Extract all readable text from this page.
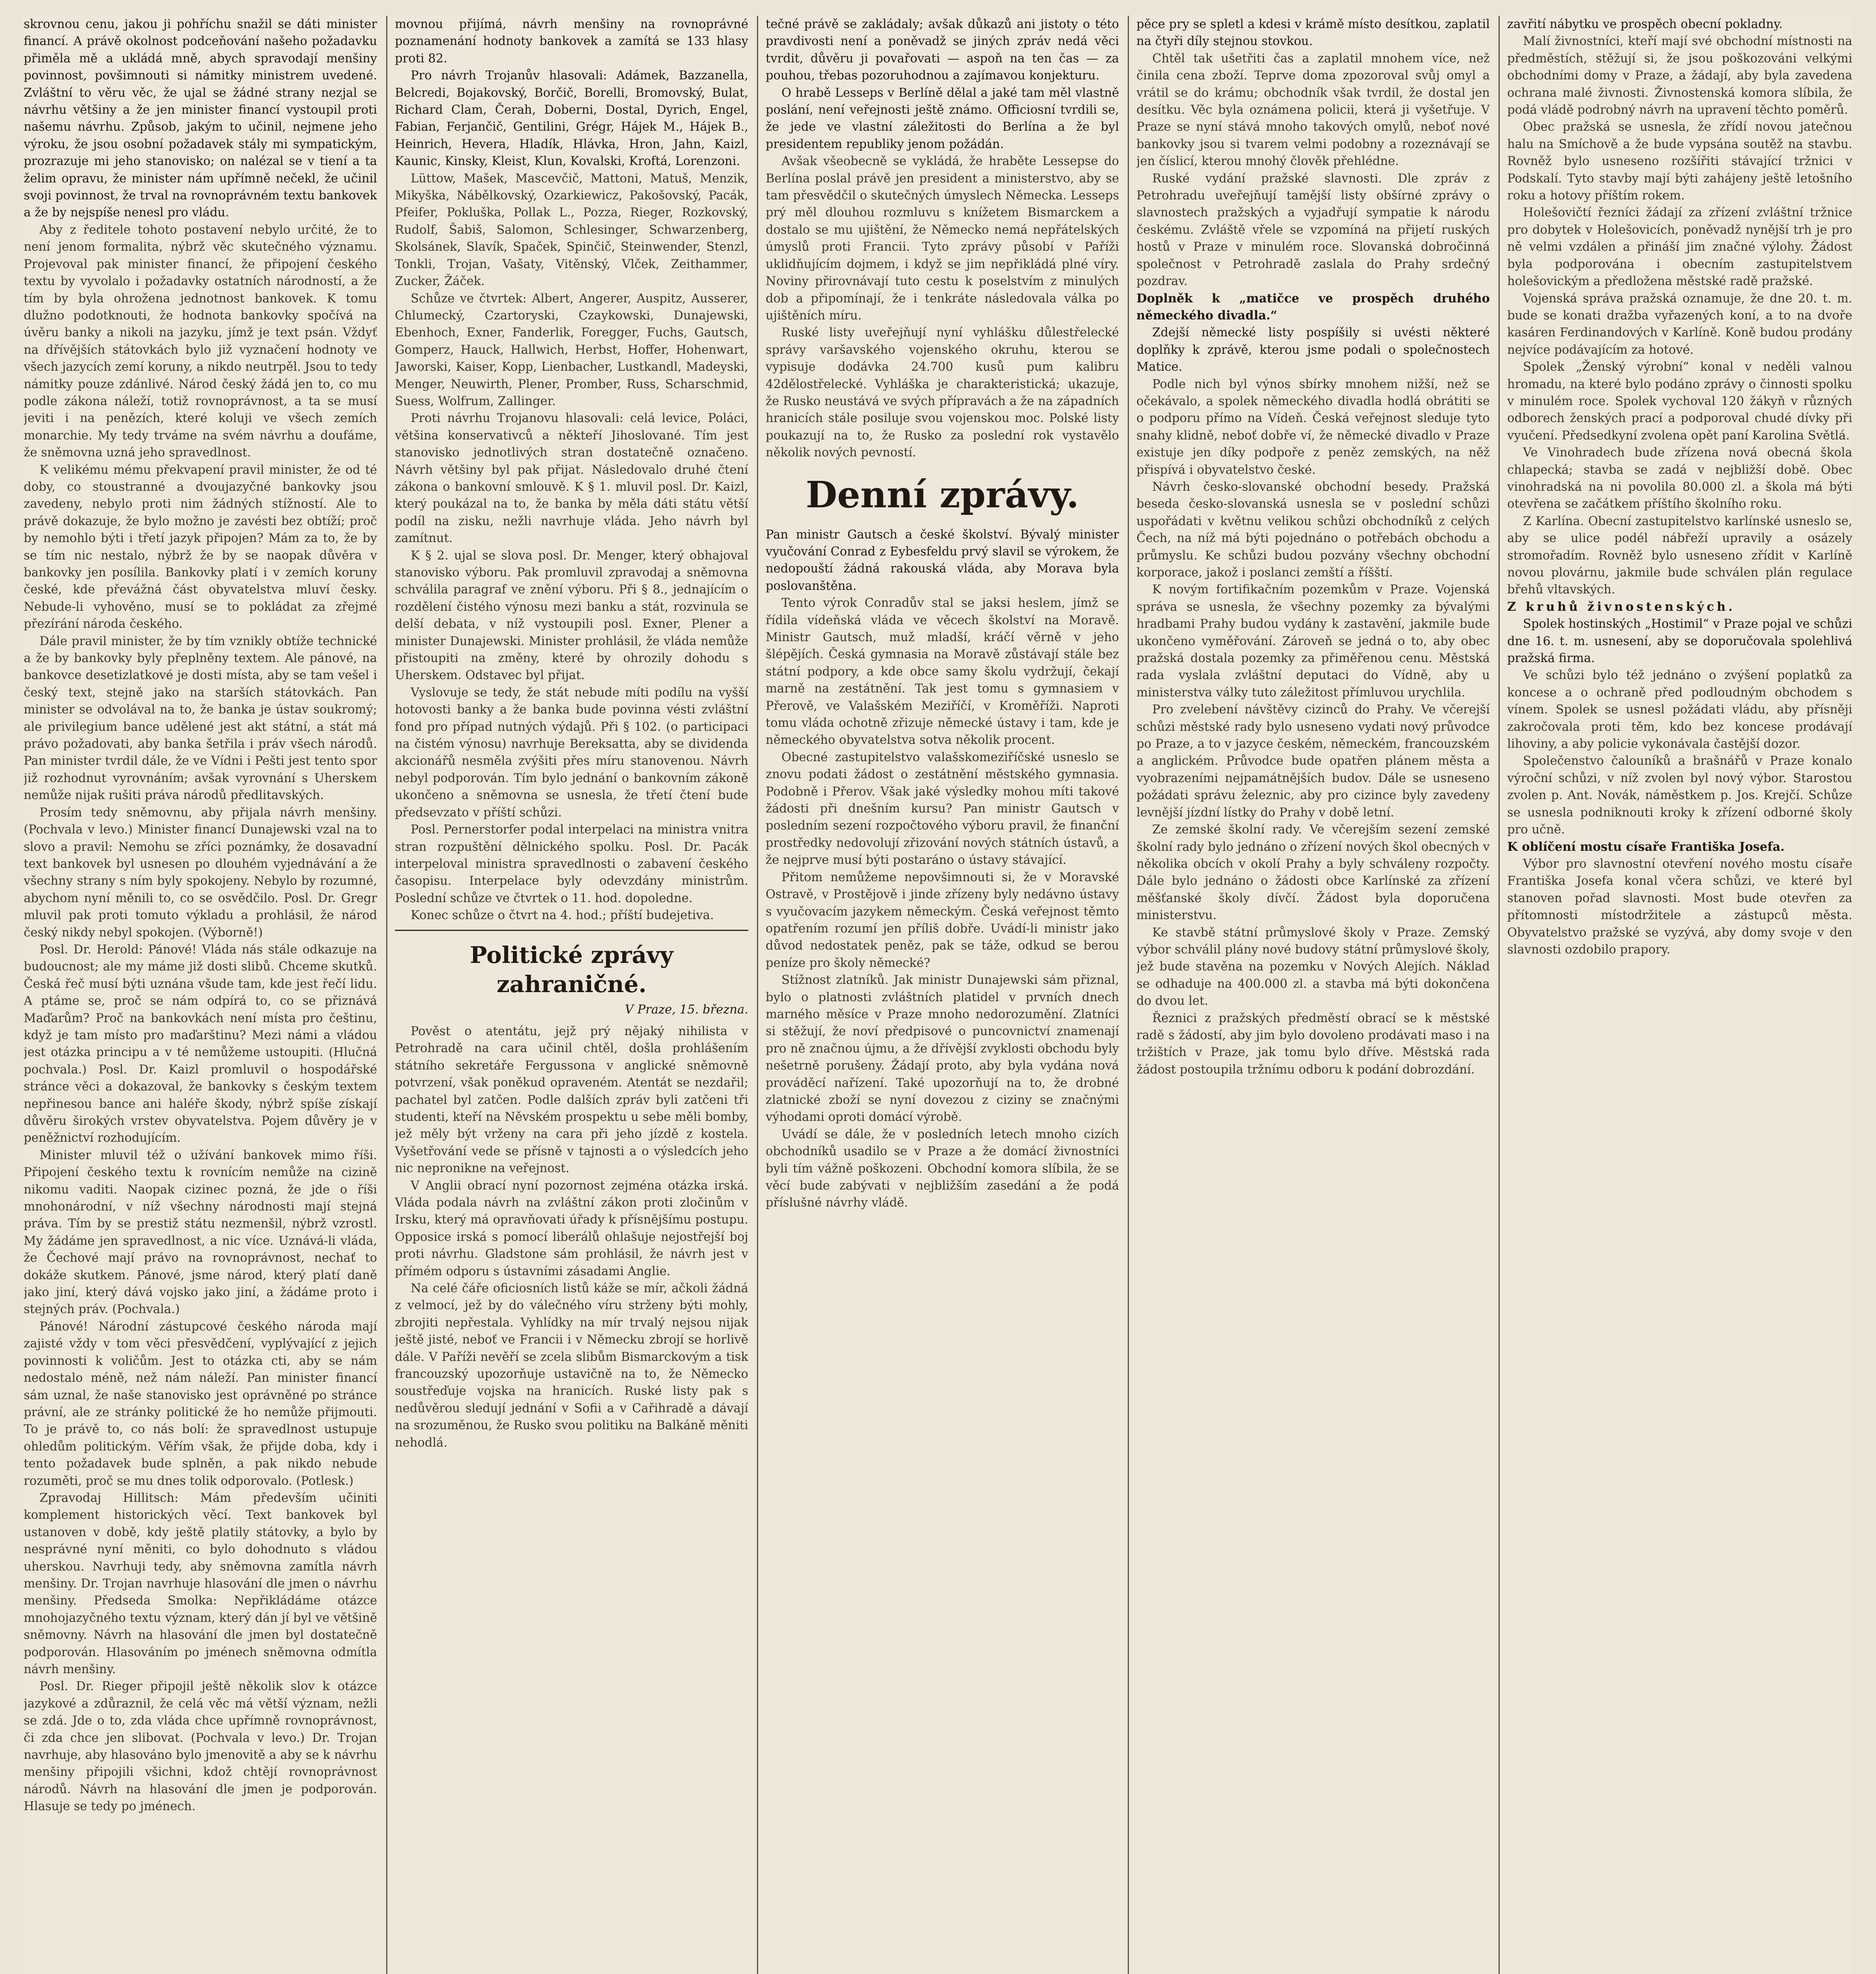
skrovnou cenu, jakou ji pohříchu snažil se dáti minister financí. A právě okolnost podceňování našeho požadavku přiměla mě a ukládá mně, abych spravodají menšiny povinnost, povšimnouti si námitky ministrem uvedené. Zvláštní to věru věc, že ujal se žádné strany nezjal se návrhu většiny a že jen minister financí vystoupil proti našemu návrhu. Způsob, jakým to učinil, nejmene jeho výroku, že jsou osobní požadavek stály mi sympatickým, prozrazuje mi jeho stanovisko; on nalézal se v tiení a ta želim opravu, že minister nám upřímně nečekl, že učinil svoji povinnost, že trval na rovnoprávném textu bankovek a že by nejspíše nenesl pro vládu.

Aby z ředitele tohoto postavení nebylo určité, že to není jenom formalita, nýbrž věc skutečného významu. Projevoval pak minister financí, že připojení českého textu by vyvolalo i požadavky ostatních národností, a že tím by byla ohrožena jednotnost bankovek. K tomu dlužno podotknouti, že hodnota bankovky spočívá na úvěru banky a nikoli na jazyku, jímž je text psán. Vždyť na dřívějších státovkách bylo již vyznačení hodnoty ve všech jazycích zemí koruny, a nikdo neutrpěl. Jsou to tedy námitky pouze zdánlivé. Národ český žádá jen to, co mu podle zákona náleží, totiž rovnoprávnost, a ta se musí jeviti i na penězích, které koluji ve všech zemích monarchie. My tedy trváme na svém návrhu a doufáme, že sněmovna uzná jeho spravedlnost.

K velikému mému překvapení pravil minister, že od té doby, co stoustranné a dvoujazyčné bankovky jsou zavedeny, nebylo proti nim žádných stížností. Ale to právě dokazuje, že bylo možno je zavésti bez obtíží; proč by nemohlo býti i třetí jazyk připojen? Mám za to, že by se tím nic nestalo, nýbrž že by se naopak důvěra v bankovky jen posílila. Bankovky platí i v zemích koruny české, kde převážná část obyvatelstva mluví česky. Nebude-li vyhověno, musí se to pokládat za zřejmé přezírání národa českého.

Dále pravil minister, že by tím vznikly obtíže technické a že by bankovky byly přeplněny textem. Ale pánové, na bankovce desetizlatkové je dosti místa, aby se tam vešel i český text, stejně jako na starších státovkách. Pan minister se odvolával na to, že banka je ústav soukromý; ale privilegium bance udělené jest akt státní, a stát má právo požadovati, aby banka šetřila i práv všech národů. Pan minister tvrdil dále, že ve Vídni i Pešti jest tento spor již rozhodnut vyrovnáním; avšak vyrovnání s Uherskem nemůže nijak rušiti práva národů předlitavských.

Prosím tedy sněmovnu, aby přijala návrh menšiny. (Pochvala v levo.) Minister financí Dunajewski vzal na to slovo a pravil: Nemohu se zříci poznámky, že dosavadní text bankovek byl usnesen po dlouhém vyjednávání a že všechny strany s ním byly spokojeny. Nebylo by rozumné, abychom nyní měnili to, co se osvědčilo. Posl. Dr. Gregr mluvil pak proti tomuto výkladu a prohlásil, že národ český nikdy nebyl spokojen. (Výborně!)

Posl. Dr. Herold: Pánové! Vláda nás stále odkazuje na budoucnost; ale my máme již dosti slibů. Chceme skutků. Česká řeč musí býti uznána všude tam, kde jest řečí lidu. A ptáme se, proč se nám odpírá to, co se přiznává Maďarům? Proč na bankovkách není místa pro češtinu, když je tam místo pro maďarštinu? Mezi námi a vládou jest otázka principu a v té nemůžeme ustoupiti. (Hlučná pochvala.) Posl. Dr. Kaizl promluvil o hospodářské stránce věci a dokazoval, že bankovky s českým textem nepřinesou bance ani haléře škody, nýbrž spíše získají důvěru širokých vrstev obyvatelstva. Pojem důvěry je v peněžnictví rozhodujícím.

Minister mluvil též o užívání bankovek mimo říši. Připojení českého textu k rovnícím nemůže na cizině nikomu vaditi. Naopak cizinec pozná, že jde o říši mnohonárodní, v níž všechny národnosti mají stejná práva. Tím by se prestiž státu nezmenšil, nýbrž vzrostl. My žádáme jen spravedlnost, a nic více. Uznává-li vláda, že Čechové mají právo na rovnoprávnost, nechať to dokáže skutkem. Pánové, jsme národ, který platí daně jako jiní, který dává vojsko jako jiní, a žádáme proto i stejných práv. (Pochvala.)

Pánové! Národní zástupcové českého národa mají zajisté vždy v tom věci přesvědčení, vyplývající z jejich povinnosti k voličům. Jest to otázka cti, aby se nám nedostalo méně, než nám náleží. Pan minister financí sám uznal, že naše stanovisko jest oprávněné po stránce právní, ale ze stránky politické že ho nemůže přijmouti. To je právě to, co nás bolí: že spravedlnost ustupuje ohledům politickým. Věřím však, že přijde doba, kdy i tento požadavek bude splněn, a pak nikdo nebude rozuměti, proč se mu dnes tolik odporovalo. (Potlesk.)

Zpravodaj Hillitsch: Mám především učiniti komplement historických věcí. Text bankovek byl ustanoven v době, kdy ještě platily státovky, a bylo by nesprávné nyní měniti, co bylo dohodnuto s vládou uherskou. Navrhuji tedy, aby sněmovna zamítla návrh menšiny. Dr. Trojan navrhuje hlasování dle jmen o návrhu menšiny. Předseda Smolka: Nepřikládáme otázce mnohojazyčného textu význam, který dán jí byl ve většině sněmovny. Návrh na hlasování dle jmen byl dostatečně podporován. Hlasováním po jménech sněmovna odmítla návrh menšiny.

Posl. Dr. Rieger připojil ještě několik slov k otázce jazykové a zdůraznil, že celá věc má větší význam, nežli se zdá. Jde o to, zda vláda chce upřímně rovnoprávnost, či zda chce jen slibovat. (Pochvala v levo.) Dr. Trojan navrhuje, aby hlasováno bylo jmenovitě a aby se k návrhu menšiny připojili všichni, kdož chtějí rovnoprávnost národů. Návrh na hlasování dle jmen je podporován. Hlasuje se tedy po jménech.

movnou přijímá, návrh menšiny na rovnoprávné poznamenání hodnoty bankovek a zamítá se 133 hlasy proti 82.

Pro návrh Trojanův hlasovali: Adámek, Bazzanella, Belcredi, Bojakovský, Borčič, Borelli, Bromovský, Bulat, Richard Clam, Čerah, Doberni, Dostal, Dyrich, Engel, Fabian, Ferjančič, Gentilini, Grégr, Hájek M., Hájek B., Heinrich, Hevera, Hladík, Hlávka, Hron, Jahn, Kaizl, Kaunic, Kinsky, Kleist, Klun, Kovalski, Kroftá, Lorenzoni.

Lüttow, Mašek, Mascevčič, Mattoni, Matuš, Menzik, Mikyška, Nábělkovský, Ozarkiewicz, Pakošovský, Pacák, Pfeifer, Pokluška, Pollak L., Pozza, Rieger, Rozkovský, Rudolf, Šabiš, Salomon, Schlesinger, Schwarzenberg, Skolsánek, Slavík, Spaček, Spinčič, Steinwender, Stenzl, Tonkli, Trojan, Vašaty, Vitěnský, Vlček, Zeithammer, Zucker, Žáček.

Schůze ve čtvrtek: Albert, Angerer, Auspitz, Ausserer, Chlumecký, Czartoryski, Czaykowski, Dunajewski, Ebenhoch, Exner, Fanderlik, Foregger, Fuchs, Gautsch, Gomperz, Hauck, Hallwich, Herbst, Hoffer, Hohenwart, Jaworski, Kaiser, Kopp, Lienbacher, Lustkandl, Madeyski, Menger, Neuwirth, Plener, Promber, Russ, Scharschmid, Suess, Wolfrum, Zallinger.

Proti návrhu Trojanovu hlasovali: celá levice, Poláci, většina konservativců a někteří Jihoslované. Tím jest stanovisko jednotlivých stran dostatečně označeno. Návrh většiny byl pak přijat. Následovalo druhé čtení zákona o bankovní smlouvě. K § 1. mluvil posl. Dr. Kaizl, který poukázal na to, že banka by měla dáti státu větší podíl na zisku, nežli navrhuje vláda. Jeho návrh byl zamítnut.

K § 2. ujal se slova posl. Dr. Menger, který obhajoval stanovisko výboru. Pak promluvil zpravodaj a sněmovna schválila paragraf ve znění výboru. Při § 8., jednajícím o rozdělení čistého výnosu mezi banku a stát, rozvinula se delší debata, v níž vystoupili posl. Exner, Plener a minister Dunajewski. Minister prohlásil, že vláda nemůže přistoupiti na změny, které by ohrozily dohodu s Uherskem. Odstavec byl přijat.

Vyslovuje se tedy, že stát nebude míti podílu na vyšší hotovosti banky a že banka bude povinna vésti zvláštní fond pro případ nutných výdajů. Při § 102. (o participaci na čistém výnosu) navrhuje Bereksatta, aby se dividenda akcionářů nesměla zvýšiti přes míru stanovenou. Návrh nebyl podporován. Tím bylo jednání o bankovním zákoně ukončeno a sněmovna se usnesla, že třetí čtení bude předsevzato v příští schůzi.

Posl. Pernerstorfer podal interpelaci na ministra vnitra stran rozpuštění dělnického spolku. Posl. Dr. Pacák interpeloval ministra spravedlnosti o zabavení českého časopisu. Interpelace byly odevzdány ministrům. Poslední schůze ve čtvrtek o 11. hod. dopoledne.

Konec schůze o čtvrt na 4. hod.; příští budejetiva.

Politické zprávy zahraničné.
V Praze, 15. března.

Pověst o atentátu, jejž prý nějaký nihilista v Petrohradě na cara učinil chtěl, došla prohlášením státního sekretáře Fergussona v anglické sněmovně potvrzení, však poněkud opraveném. Atentát se nezdařil; pachatel byl zatčen. Podle dalších zpráv byli zatčeni tři studenti, kteří na Něvském prospektu u sebe měli bomby, jež měly být vrženy na cara při jeho jízdě z kostela. Vyšetřování vede se přísně v tajnosti a o výsledcích jeho nic nepronikne na veřejnost.

V Anglii obrací nyní pozornost zejména otázka irská. Vláda podala návrh na zvláštní zákon proti zločinům v Irsku, který má opravňovati úřady k přísnějšímu postupu. Opposice irská s pomocí liberálů ohlašuje nejostřejší boj proti návrhu. Gladstone sám prohlásil, že návrh jest v přímém odporu s ústavními zásadami Anglie.

Na celé čáře oficiosních listů káže se mír, ačkoli žádná z velmocí, jež by do válečného víru strženy býti mohly, zbrojiti nepřestala. Vyhlídky na mír trvalý nejsou nijak ještě jisté, neboť ve Francii i v Německu zbrojí se horlivě dále. V Paříži nevěří se zcela slibům Bismarckovým a tisk francouzský upozorňuje ustavičně na to, že Německo soustřeďuje vojska na hranicích. Ruské listy pak s nedůvěrou sledují jednání v Sofii a v Cařihradě a dávají na srozuměnou, že Rusko svou politiku na Balkáně měniti nehodlá.

tečné právě se zakládaly; avšak důkazů ani jistoty o této pravdivosti není a poněvadž se jiných zpráv nedá věci tvrdit, důvěru ji povařovati — aspoň na ten čas — za pouhou, třebas pozoruhodnou a zajímavou konjekturu.

O hrabě Lesseps v Berlíně dělal a jaké tam měl vlastně poslání, není veřejnosti ještě známo. Officiosní tvrdili se, že jede ve vlastní záležitosti do Berlína a že byl presidentem republiky jenom požádán.

Avšak všeobecně se vykládá, že hraběte Lessepse do Berlína poslal právě jen president a ministerstvo, aby se tam přesvědčil o skutečných úmyslech Německa. Lesseps prý měl dlouhou rozmluvu s knížetem Bismarckem a dostalo se mu ujištění, že Německo nemá nepřátelských úmyslů proti Francii. Tyto zprávy působí v Paříži uklidňujícím dojmem, i když se jim nepřikládá plné víry. Noviny přirovnávají tuto cestu k poselstvím z minulých dob a připomínají, že i tenkráte následovala válka po ujištěních míru.

Ruské listy uveřejňují nyní vyhlášku důlestřelecké správy varšavského vojenského okruhu, kterou se vypisuje dodávka 24.700 kusů pum kalibru 42dělostřelecké. Vyhláška je charakteristická; ukazuje, že Rusko neustává ve svých přípravách a že na západních hranicích stále posiluje svou vojenskou moc. Polské listy poukazují na to, že Rusko za poslední rok vystavělo několik nových pevností.

Denní zprávy.

Pan ministr Gautsch a české školství. Bývalý minister vyučování Conrad z Eybesfeldu prvý slavil se výrokem, že nedopouští žádná rakouská vláda, aby Morava byla poslovanštěna.

Tento výrok Conradův stal se jaksi heslem, jímž se řídila vídeňská vláda ve věcech školství na Moravě. Ministr Gautsch, muž mladší, kráčí věrně v jeho šlépějích. Česká gymnasia na Moravě zůstávají stále bez státní podpory, a kde obce samy školu vydržují, čekají marně na zestátnění. Tak jest tomu s gymnasiem v Přerově, ve Valašském Meziříčí, v Kroměříži. Naproti tomu vláda ochotně zřizuje německé ústavy i tam, kde je německého obyvatelstva sotva několik procent.

Obecné zastupitelstvo valašskomeziříčské usneslo se znovu podati žádost o zestátnění městského gymnasia. Podobně i Přerov. Však jaké výsledky mohou míti takové žádosti při dnešním kursu? Pan ministr Gautsch v posledním sezení rozpočtového výboru pravil, že finanční prostředky nedovolují zřizování nových státních ústavů, a že nejprve musí býti postaráno o ústavy stávající.

Přitom nemůžeme nepovšimnouti si, že v Moravské Ostravě, v Prostějově i jinde zřízeny byly nedávno ústavy s vyučovacím jazykem německým. Česká veřejnost těmto opatřením rozumí jen příliš dobře. Uvádí-li ministr jako důvod nedostatek peněz, pak se táže, odkud se berou peníze pro školy německé?

Stížnost zlatníků. Jak ministr Dunajewski sám přiznal, bylo o platnosti zvláštních platidel v prvních dnech marného měsíce v Praze mnoho nedorozumění. Zlatníci si stěžují, že noví předpisové o puncovnictví znamenají pro ně značnou újmu, a že dřívější zvyklosti obchodu byly nešetrně porušeny. Žádají proto, aby byla vydána nová prováděcí nařízení. Také upozorňují na to, že drobné zlatnické zboží se nyní dovezou z ciziny se značnými výhodami oproti domácí výrobě.

Uvádí se dále, že v posledních letech mnoho cizích obchodníků usadilo se v Praze a že domácí živnostníci byli tím vážně poškozeni. Obchodní komora slíbila, že se věcí bude zabývati v nejbližším zasedání a že podá příslušné návrhy vládě.

pěce pry se spletl a kdesi v krámě místo desítkou, zaplatil na čtyři díly stejnou stovkou.

Chtěl tak ušetřiti čas a zaplatil mnohem více, než činila cena zboží. Teprve doma zpozoroval svůj omyl a vrátil se do krámu; obchodník však tvrdil, že dostal jen desítku. Věc byla oznámena policii, která ji vyšetřuje. V Praze se nyní stává mnoho takových omylů, neboť nové bankovky jsou si tvarem velmi podobny a rozeznávají se jen číslicí, kterou mnohý člověk přehlédne.

Ruské vydání pražské slavnosti. Dle zpráv z Petrohradu uveřejňují tamější listy obšírné zprávy o slavnostech pražských a vyjadřují sympatie k národu českému. Zvláště vřele se vzpomíná na přijetí ruských hostů v Praze v minulém roce. Slovanská dobročinná společnost v Petrohradě zaslala do Prahy srdečný pozdrav.

Doplněk k „matičce ve prospěch druhého německého divadla.“

Zdejší německé listy pospíšily si uvésti některé doplňky k zprávě, kterou jsme podali o společnostech Matice.

Podle nich byl výnos sbírky mnohem nižší, než se očekávalo, a spolek německého divadla hodlá obrátiti se o podporu přímo na Vídeň. Česká veřejnost sleduje tyto snahy klidně, neboť dobře ví, že německé divadlo v Praze existuje jen díky podpoře z peněz zemských, na něž přispívá i obyvatelstvo české.

Návrh česko-slovanské obchodní besedy. Pražská beseda česko-slovanská usnesla se v poslední schůzi uspořádati v květnu velikou schůzi obchodníků z celých Čech, na níž má býti pojednáno o potřebách obchodu a průmyslu. Ke schůzi budou pozvány všechny obchodní korporace, jakož i poslanci zemští a říšští.

K novým fortifikačním pozemkům v Praze. Vojenská správa se usnesla, že všechny pozemky za bývalými hradbami Prahy budou vydány k zastavění, jakmile bude ukončeno vyměřování. Zároveň se jedná o to, aby obec pražská dostala pozemky za přiměřenou cenu. Městská rada vyslala zvláštní deputaci do Vídně, aby u ministerstva války tuto záležitost přímluvou urychlila.

Pro zvelebení návštěvy cizinců do Prahy. Ve včerejší schůzi městské rady bylo usneseno vydati nový průvodce po Praze, a to v jazyce českém, německém, francouzském a anglickém. Průvodce bude opatřen plánem města a vyobrazeními nejpamátnějších budov. Dále se usneseno požádati správu železnic, aby pro cizince byly zavedeny levnější jízdní lístky do Prahy v době letní.

Ze zemské školní rady. Ve včerejším sezení zemské školní rady bylo jednáno o zřízení nových škol obecných v několika obcích v okolí Prahy a byly schváleny rozpočty. Dále bylo jednáno o žádosti obce Karlínské za zřízení měšťanské školy dívčí. Žádost byla doporučena ministerstvu.

Ke stavbě státní průmyslové školy v Praze. Zemský výbor schválil plány nové budovy státní průmyslové školy, jež bude stavěna na pozemku v Nových Alejích. Náklad se odhaduje na 400.000 zl. a stavba má býti dokončena do dvou let.

Řeznici z pražských předměstí obrací se k městské radě s žádostí, aby jim bylo dovoleno prodávati maso i na tržištích v Praze, jak tomu bylo dříve. Městská rada žádost postoupila tržnímu odboru k podání dobrozdání.

zavřití nábytku ve prospěch obecní pokladny.

Malí živnostníci, kteří mají své obchodní místnosti na předměstích, stěžují si, že jsou poškozováni velkými obchodními domy v Praze, a žádají, aby byla zavedena ochrana malé živnosti. Živnostenská komora slíbila, že podá vládě podrobný návrh na upravení těchto poměrů.

Obec pražská se usnesla, že zřídí novou jatečnou halu na Smíchově a že bude vypsána soutěž na stavbu. Rovněž bylo usneseno rozšířiti stávající tržnici v Podskalí. Tyto stavby mají býti zahájeny ještě letošního roku a hotovy příštím rokem.

Holešovičtí řezníci žádají za zřízení zvláštní tržnice pro dobytek v Holešovicích, poněvadž nynější trh je pro ně velmi vzdálen a přináší jim značné výlohy. Žádost byla podporována i obecním zastupitelstvem holešovickým a předložena městské radě pražské.

Vojenská správa pražská oznamuje, že dne 20. t. m. bude se konati dražba vyřazených koní, a to na dvoře kasáren Ferdinandových v Karlíně. Koně budou prodány nejvíce podávajícím za hotové.

Spolek „Ženský výrobní“ konal v neděli valnou hromadu, na které bylo podáno zprávy o činnosti spolku v minulém roce. Spolek vychoval 120 žákyň v různých odborech ženských prací a podporoval chudé dívky při vyučení. Předsedkyní zvolena opět paní Karolina Světlá.

Ve Vinohradech bude zřízena nová obecná škola chlapecká; stavba se zadá v nejbližší době. Obec vinohradská na ni povolila 80.000 zl. a škola má býti otevřena se začátkem příštího školního roku.

Z Karlína. Obecní zastupitelstvo karlínské usneslo se, aby se ulice podél nábřeží upravily a osázely stromořadím. Rovněž bylo usneseno zřídit v Karlíně novou plovárnu, jakmile bude schválen plán regulace břehů vltavských.

Z kruhů živnostenských.

Spolek hostinských „Hostimil“ v Praze pojal ve schůzi dne 16. t. m. usnesení, aby se doporučovala spolehlivá pražská firma.

Ve schůzi bylo též jednáno o zvýšení poplatků za koncese a o ochraně před podloudným obchodem s vínem. Spolek se usnesl požádati vládu, aby přísněji zakročovala proti těm, kdo bez koncese prodávají lihoviny, a aby policie vykonávala častější dozor.

Společenstvo čalouníků a brašnářů v Praze konalo výroční schůzi, v níž zvolen byl nový výbor. Starostou zvolen p. Ant. Novák, náměstkem p. Jos. Krejčí. Schůze se usnesla podniknouti kroky k zřízení odborné školy pro učně.

K oblíčení mostu císaře Františka Josefa.

Výbor pro slavnostní otevření nového mostu císaře Františka Josefa konal včera schůzi, ve které byl stanoven pořad slavnosti. Most bude otevřen za přítomnosti místodržitele a zástupců města. Obyvatelstvo pražské se vyzývá, aby domy svoje v den slavnosti ozdobilo prapory.
